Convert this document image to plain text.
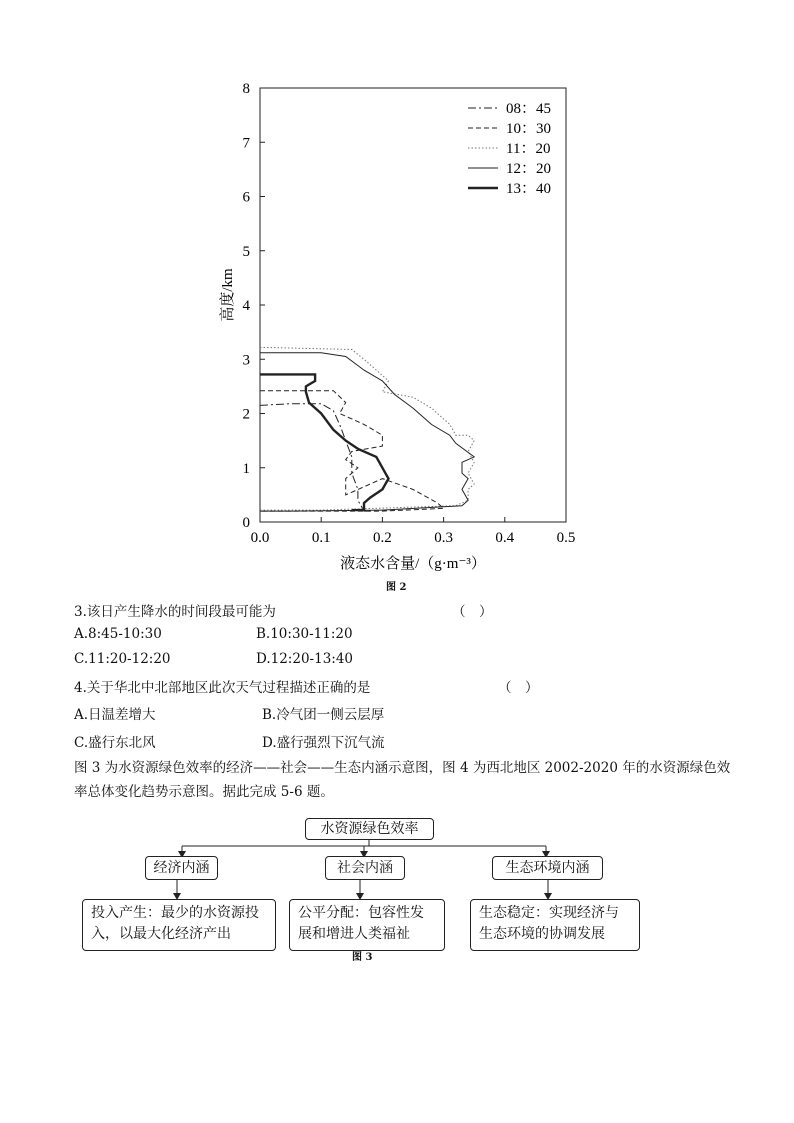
0.0	0.1	0.2	0.3	0.4	0.5
0
1
2
3
4
5
6
7
8
液态水含量/（g·m⁻³）
高度/km
08：45
10：30
11：20
12：20
13：40
图 2
3.该日产生降水的时间段最可能为	（　）
A.8:45-10:30	B.10:30-11:20
C.11:20-12:20	D.12:20-13:40
4.关于华北中北部地区此次天气过程描述正确的是	（　）
A.日温差增大	B.冷气团一侧云层厚
C.盛行东北风	D.盛行强烈下沉气流
图 3 为水资源绿色效率的经济——社会——生态内涵示意图，图 4 为西北地区 2002-2020 年的水资源绿色效率总体变化趋势示意图。据此完成 5-6 题。
水资源绿色效率
经济内涵	社会内涵	生态环境内涵
投入产生：最少的水资源投入，以最大化经济产出
公平分配：包容性发展和增进人类福祉
生态稳定：实现经济与生态环境的协调发展
图 3
